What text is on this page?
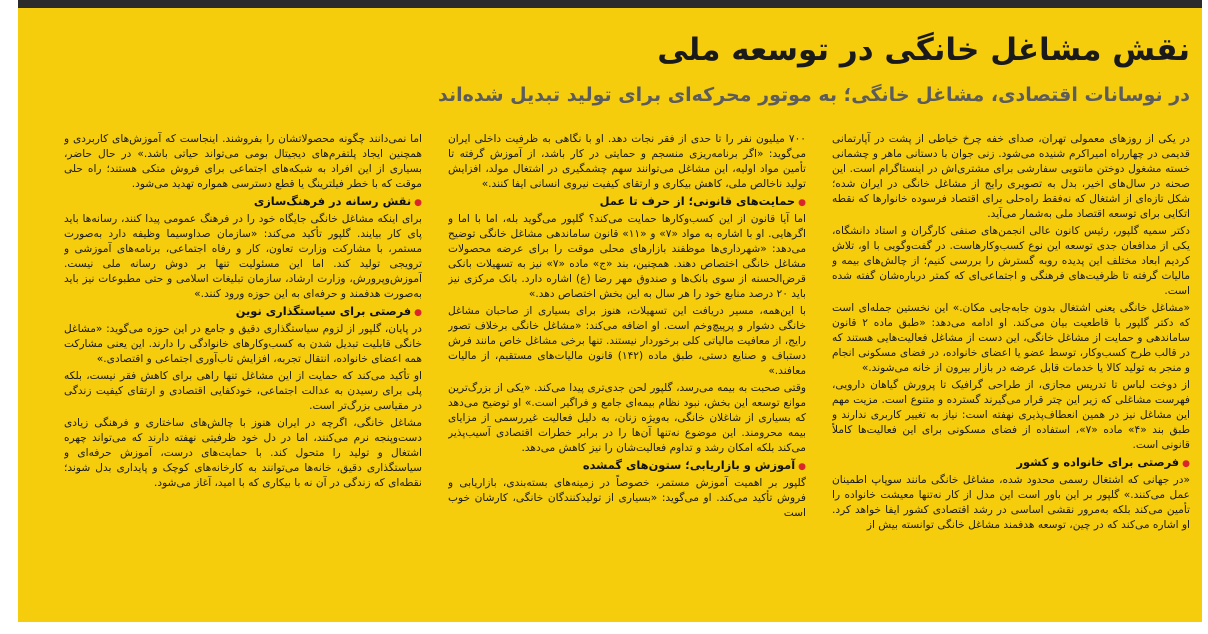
نقش مشاغل خانگی در توسعه ملی
در نوسانات اقتصادی، مشاغل خانگی؛ به موتور محرکه‌ای برای تولید تبدیل شده‌اند

در یکی از روزهای معمولی تهران، صدای خفه چرخ خیاطی از پشت در آپارتمانی قدیمی در چهارراه امیراکرم شنیده می‌شود. زنی جوان با دستانی ماهر و چشمانی خسته مشغول دوختن مانتویی سفارشی برای مشتری‌اش در اینستاگرام است. این صحنه در سال‌های اخیر، بدل به تصویری رایج از مشاغل خانگی در ایران شده؛ شکل تازه‌ای از اشتغال که نه‌فقط راه‌حلی برای اقتصاد فرسوده خانوارها که نقطه اتکایی برای توسعه اقتصاد ملی به‌شمار می‌آید.

دکتر سمیه گلپور، رئیس کانون عالی انجمن‌های صنفی کارگران و استاد دانشگاه، یکی از مدافعان جدی توسعه این نوع کسب‌وکارهاست. در گفت‌وگویی با او، تلاش کردیم ابعاد مختلف این پدیده روبه گسترش را بررسی کنیم؛ از چالش‌های بیمه و مالیات گرفته تا ظرفیت‌های فرهنگی و اجتماعی‌ای که کمتر درباره‌شان گفته شده است.

«مشاغل خانگی یعنی اشتغال بدون جابه‌جایی مکان.» این نخستین جمله‌ای است که دکتر گلپور با قاطعیت بیان می‌کند. او ادامه می‌دهد: «طبق ماده ۲ قانون ساماندهی و حمایت از مشاغل خانگی، این دست از مشاغل فعالیت‌هایی هستند که در قالب طرح کسب‌وکار، توسط عضو یا اعضای خانواده، در فضای مسکونی انجام و منجر به تولید کالا یا خدمات قابل عرضه در بازار بیرون از خانه می‌شوند.»

از دوخت لباس تا تدریس مجازی، از طراحی گرافیک تا پرورش گیاهان دارویی، فهرست مشاغلی که زیر این چتر قرار می‌گیرند گسترده و متنوع است. مزیت مهم این مشاغل نیز در همین انعطاف‌پذیری نهفته است: نیاز به تغییر کاربری ندارند و طبق بند «۴» ماده «۷»، استفاده از فضای مسکونی برای این فعالیت‌ها کاملاً قانونی است.

●فرصتی برای خانواده و کشور

«در جهانی که اشتغال رسمی محدود شده، مشاغل خانگی مانند سوپاپ اطمینان عمل می‌کنند.» گلپور بر این باور است این مدل از کار نه‌تنها معیشت خانواده را تأمین می‌کند بلکه به‌مرور نقشی اساسی در رشد اقتصادی کشور ایفا خواهد کرد. او اشاره می‌کند که در چین، توسعه هدفمند مشاغل خانگی توانسته بیش از

۷۰۰ میلیون نفر را تا حدی از فقر نجات دهد. او با نگاهی به ظرفیت داخلی ایران می‌گوید: «اگر برنامه‌ریزی منسجم و حمایتی در کار باشد، از آموزش گرفته تا تأمین مواد اولیه، این مشاغل می‌توانند سهم چشمگیری در اشتغال مولد، افزایش تولید ناخالص ملی، کاهش بیکاری و ارتقای کیفیت نیروی انسانی ایفا کنند.»

●حمایت‌های قانونی؛ از حرف تا عمل

اما آیا قانون از این کسب‌وکارها حمایت می‌کند؟ گلپور می‌گوید بله، اما با اما و اگرهایی. او با اشاره به مواد «۷» و «۱۱» قانون ساماندهی مشاغل خانگی توضیح می‌دهد: «شهرداری‌ها موظفند بازارهای محلی موقت را برای عرضه محصولات مشاغل خانگی اختصاص دهند. همچنین، بند «ج» ماده «۷» نیز به تسهیلات بانکی قرض‌الحسنه از سوی بانک‌ها و صندوق مهر رضا (ع) اشاره دارد. بانک مرکزی نیز باید ۲۰ درصد منابع خود را هر سال به این بخش اختصاص دهد.»

با این‌همه، مسیر دریافت این تسهیلات، هنوز برای بسیاری از صاحبان مشاغل خانگی دشوار و پرپیچ‌وخم است. او اضافه می‌کند: «مشاغل خانگی برخلاف تصور رایج، از معافیت مالیاتی کلی برخوردار نیستند. تنها برخی مشاغل خاص مانند فرش دستباف و صنایع دستی، طبق ماده (۱۴۲) قانون مالیات‌های مستقیم، از مالیات معافند.»

وقتی صحبت به بیمه می‌رسد، گلپور لحن جدی‌تری پیدا می‌کند. «یکی از بزرگ‌ترین موانع توسعه این بخش، نبود نظام بیمه‌ای جامع و فراگیر است.» او توضیح می‌دهد که بسیاری از شاغلان خانگی، به‌ویژه زنان، به دلیل فعالیت غیررسمی از مزایای بیمه محرومند. این موضوع نه‌تنها آن‌ها را در برابر خطرات اقتصادی آسیب‌پذیر می‌کند بلکه امکان رشد و تداوم فعالیت‌شان را نیز کاهش می‌دهد.

●آموزش و بازاریابی؛ ستون‌های گمشده

گلپور بر اهمیت آموزش مستمر، خصوصاً در زمینه‌های بسته‌بندی، بازاریابی و فروش تأکید می‌کند. او می‌گوید: «بسیاری از تولیدکنندگان خانگی، کارشان خوب است

اما نمی‌دانند چگونه محصولاتشان را بفروشند. اینجاست که آموزش‌های کاربردی و همچنین ایجاد پلتفرم‌های دیجیتال بومی می‌تواند حیاتی باشد.» در حال حاضر، بسیاری از این افراد به شبکه‌های اجتماعی برای فروش متکی هستند؛ راه حلی موقت که با خطر فیلترینگ یا قطع دسترسی همواره تهدید می‌شود.

●نقش رسانه در فرهنگ‌سازی

برای اینکه مشاغل خانگی جایگاه خود را در فرهنگ عمومی پیدا کنند، رسانه‌ها باید پای کار بیایند. گلپور تأکید می‌کند: «سازمان صداوسیما وظیفه دارد به‌صورت مستمر، با مشارکت وزارت تعاون، کار و رفاه اجتماعی، برنامه‌های آموزشی و ترویجی تولید کند. اما این مسئولیت تنها بر دوش رسانه ملی نیست. آموزش‌وپرورش، وزارت ارشاد، سازمان تبلیغات اسلامی و حتی مطبوعات نیز باید به‌صورت هدفمند و حرفه‌ای به این حوزه ورود کنند.»

●فرصتی برای سیاستگذاری نوین

در پایان، گلپور از لزوم سیاستگذاری دقیق و جامع در این حوزه می‌گوید: «مشاغل خانگی قابلیت تبدیل شدن به کسب‌وکارهای خانوادگی را دارند. این یعنی مشارکت همه اعضای خانواده، انتقال تجربه، افزایش تاب‌آوری اجتماعی و اقتصادی.»

او تأکید می‌کند که حمایت از این مشاغل تنها راهی برای کاهش فقر نیست، بلکه پلی برای رسیدن به عدالت اجتماعی، خودکفایی اقتصادی و ارتقای کیفیت زندگی در مقیاسی بزرگ‌تر است.

مشاغل خانگی، اگرچه در ایران هنوز با چالش‌های ساختاری و فرهنگی زیادی دست‌وپنجه نرم می‌کنند، اما در دل خود ظرفیتی نهفته دارند که می‌تواند چهره اشتغال و تولید را متحول کند. با حمایت‌های درست، آموزش حرفه‌ای و سیاستگذاری دقیق، خانه‌ها می‌توانند به کارخانه‌های کوچک و پایداری بدل شوند؛ نقطه‌ای که زندگی در آن نه با بیکاری که با امید، آغاز می‌شود.
